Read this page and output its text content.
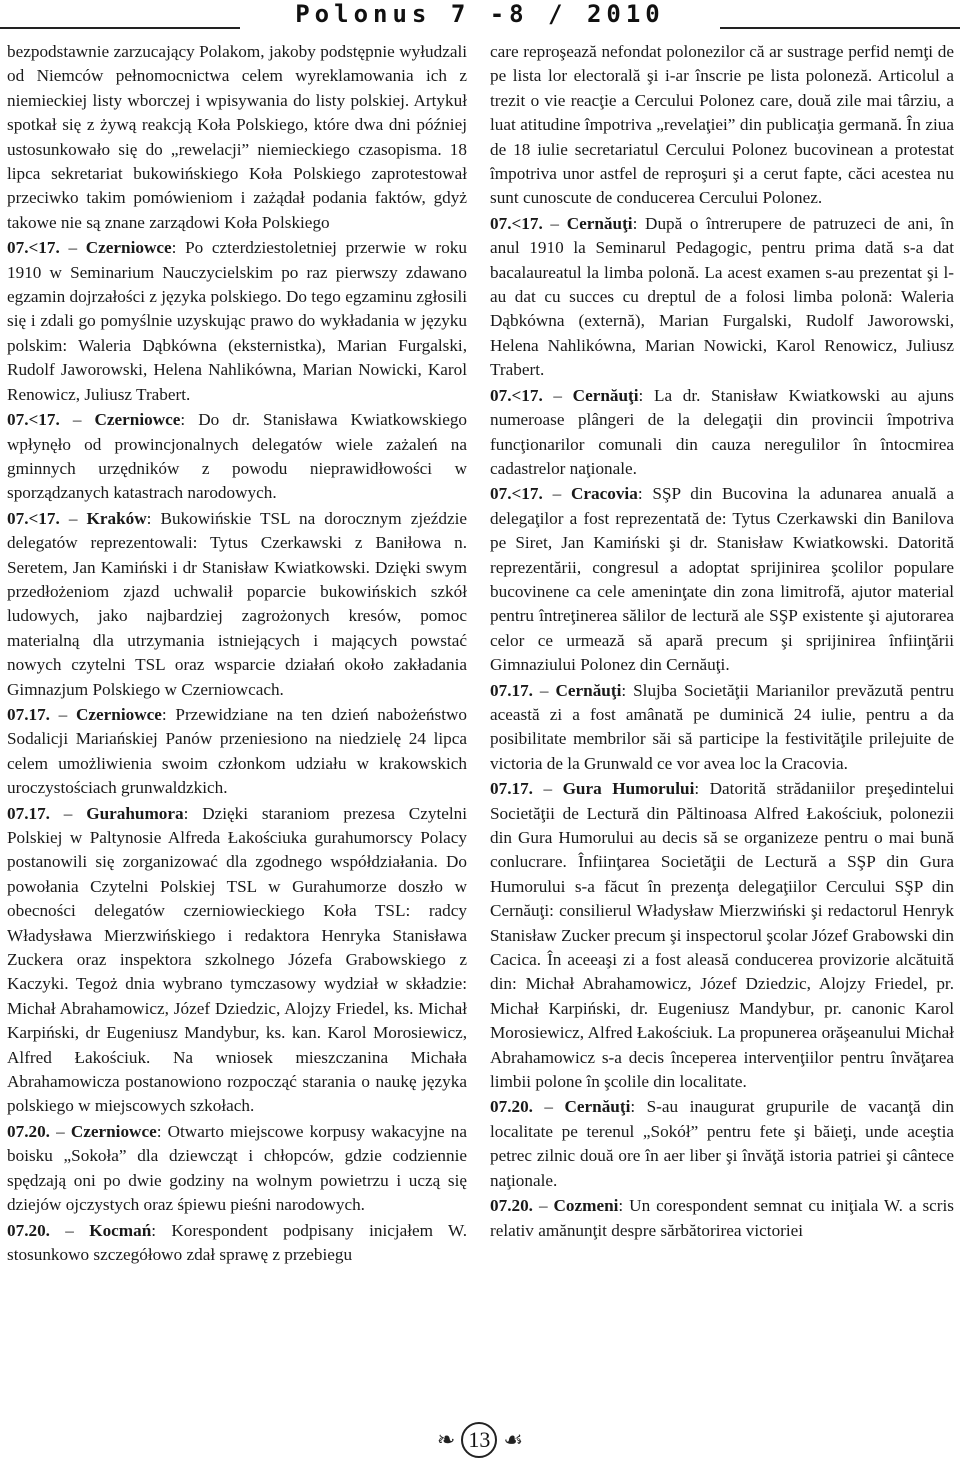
Polonus 7 -8 / 2010

bezpodstawnie zarzucający Polakom, jakoby podstępnie wyłudzali od Niemców pełnomocnictwa celem wyreklamowania ich z niemieckiej listy wborczej i wpisywania do listy polskiej. Artykuł spotkał się z żywą reakcją Koła Polskiego, które dwa dni później ustosunkowało się do „rewelacji” niemieckiego czasopisma. 18 lipca sekretariat bukowińskiego Koła Polskiego zaprotestował przeciwko takim pomówieniom i zażądał podania faktów, gdyż takowe nie są znane zarządowi Koła Polskiego

07.<17. – Czerniowce: Po czterdziestoletniej przerwie w roku 1910 w Seminarium Nauczycielskim po raz pierwszy zdawano egzamin dojrzałości z języka polskiego. Do tego egzaminu zgłosili się i zdali go pomyślnie uzyskując prawo do wykładania w języku polskim: Waleria Dąbkówna (eksternistka), Marian Furgalski, Rudolf Jaworowski, Helena Nahlikówna, Marian Nowicki, Karol Renowicz, Juliusz Trabert.

07.<17. – Czerniowce: Do dr. Stanisława Kwiatkowskiego wpłynęło od prowincjonalnych delegatów wiele zażaleń na gminnych urzędników z powodu nieprawidłowości w sporządzanych katastrach narodowych.

07.<17. – Kraków: Bukowińskie TSL na dorocznym zjeździe delegatów reprezentowali: Tytus Czerkawski z Baniłowa n. Seretem, Jan Kamiński i dr Stanisław Kwiatkowski. Dzięki swym przedłożeniom zjazd uchwalił poparcie bukowińskich szkół ludowych, jako najbardziej zagrożonych kresów, pomoc materialną dla utrzymania istniejących i mających powstać nowych czytelni TSL oraz wsparcie działań około zakładania Gimnazjum Polskiego w Czerniowcach.

07.17. – Czerniowce: Przewidziane na ten dzień nabożeństwo Sodalicji Mariańskiej Panów przeniesiono na niedzielę 24 lipca celem umożliwienia swoim członkom udziału w krakowskich uroczystościach grunwaldzkich.

07.17. – Gurahumora: Dzięki staraniom prezesa Czytelni Polskiej w Paltynosie Alfreda Łakościuka gurahumorscy Polacy postanowili się zorganizować dla zgodnego współdziałania. Do powołania Czytelni Polskiej TSL w Gurahumorze doszło w obecności delegatów czerniowieckiego Koła TSL: radcy Władysława Mierzwińskiego i redaktora Henryka Stanisława Zuckera oraz inspektora szkolnego Józefa Grabowskiego z Kaczyki. Tegoż dnia wybrano tymczasowy wydział w składzie: Michał Abrahamowicz, Józef Dziedzic, Alojzy Friedel, ks. Michał Karpiński, dr Eugeniusz Mandybur, ks. kan. Karol Morosiewicz, Alfred Łakościuk. Na wniosek mieszczanina Michała Abrahamowicza postanowiono rozpocząć starania o naukę języka polskiego w miejscowych szkołach.

07.20. – Czerniowce: Otwarto miejscowe korpusy wakacyjne na boisku „Sokoła” dla dziewcząt i chłopców, gdzie codziennie spędzają oni po dwie godziny na wolnym powietrzu i uczą się dziejów ojczystych oraz śpiewu pieśni narodowych.

07.20. – Kocmań: Korespondent podpisany inicjałem W. stosunkowo szczegółowo zdał sprawę z przebiegu

care reproşează nefondat polonezilor că ar sustrage perfid nemţi de pe lista lor electorală şi i-ar înscrie pe lista poloneză. Articolul a trezit o vie reacţie a Cercului Polonez care, două zile mai târziu, a luat atitudine împotriva „revelaţiei” din publicaţia germană. În ziua de 18 iulie secretariatul Cercului Polonez bucovinean a protestat împotriva unor astfel de reproşuri şi a cerut fapte, căci acestea nu sunt cunoscute de conducerea Cercului Polonez.

07.<17. – Cernăuţi: După o întrerupere de patruzeci de ani, în anul 1910 la Seminarul Pedagogic, pentru prima dată s-a dat bacalaureatul la limba polonă. La acest examen s-au prezentat şi l-au dat cu succes cu dreptul de a folosi limba polonă: Waleria Dąbkówna (externă), Marian Furgalski, Rudolf Jaworowski, Helena Nahlikówna, Marian Nowicki, Karol Renowicz, Juliusz Trabert.

07.<17. – Cernăuţi: La dr. Stanisław Kwiatkowski au ajuns numeroase plângeri de la delegaţii din provincii împotriva funcţionarilor comunali din cauza neregulilor în întocmirea cadastrelor naţionale.

07.<17. – Cracovia: SŞP din Bucovina la adunarea anuală a delegaţilor a fost reprezentată de: Tytus Czerkawski din Banilova pe Siret, Jan Kamiński şi dr. Stanisław Kwiatkowski. Datorită reprezentării, congresul a adoptat sprijinirea şcolilor populare bucovinene ca cele ameninţate din zona limitrofă, ajutor material pentru întreţinerea sălilor de lectură ale SŞP existente şi ajutorarea celor ce urmează să apară precum şi sprijinirea înfiinţării Gimnaziului Polonez din Cernăuţi.

07.17. – Cernăuţi: Slujba Societăţii Marianilor prevăzută pentru această zi a fost amânată pe duminică 24 iulie, pentru a da posibilitate membrilor săi să participe la festivităţile prilejuite de victoria de la Grunwald ce vor avea loc la Cracovia.

07.17. – Gura Humorului: Datorită strădaniilor preşedintelui Societăţii de Lectură din Păltinoasa Alfred Łakościuk, polonezii din Gura Humorului au decis să se organizeze pentru o mai bună conlucrare. Înfiinţarea Societăţii de Lectură a SŞP din Gura Humorului s-a făcut în prezenţa delegaţiilor Cercului SŞP din Cernăuţi: consilierul Władysław Mierzwiński şi redactorul Henryk Stanisław Zucker precum şi inspectorul şcolar Józef Grabowski din Cacica. În aceeaşi zi a fost aleasă conducerea provizorie alcătuită din: Michał Abrahamowicz, Józef Dziedzic, Alojzy Friedel, pr. Michał Karpiński, dr. Eugeniusz Mandybur, pr. canonic Karol Morosiewicz, Alfred Łakościuk. La propunerea orăşeanului Michał Abrahamowicz s-a decis începerea intervenţiilor pentru învăţarea limbii polone în şcolile din localitate.

07.20. – Cernăuţi: S-au inaugurat grupurile de vacanţă din localitate pe terenul „Sokół” pentru fete şi băieţi, unde aceştia petrec zilnic două ore în aer liber şi învăţă istoria patriei şi cântece naţionale.

07.20. – Cozmeni: Un corespondent semnat cu iniţiala W. a scris relativ amănunţit despre sărbătorirea victoriei

❧ 13 ☙
